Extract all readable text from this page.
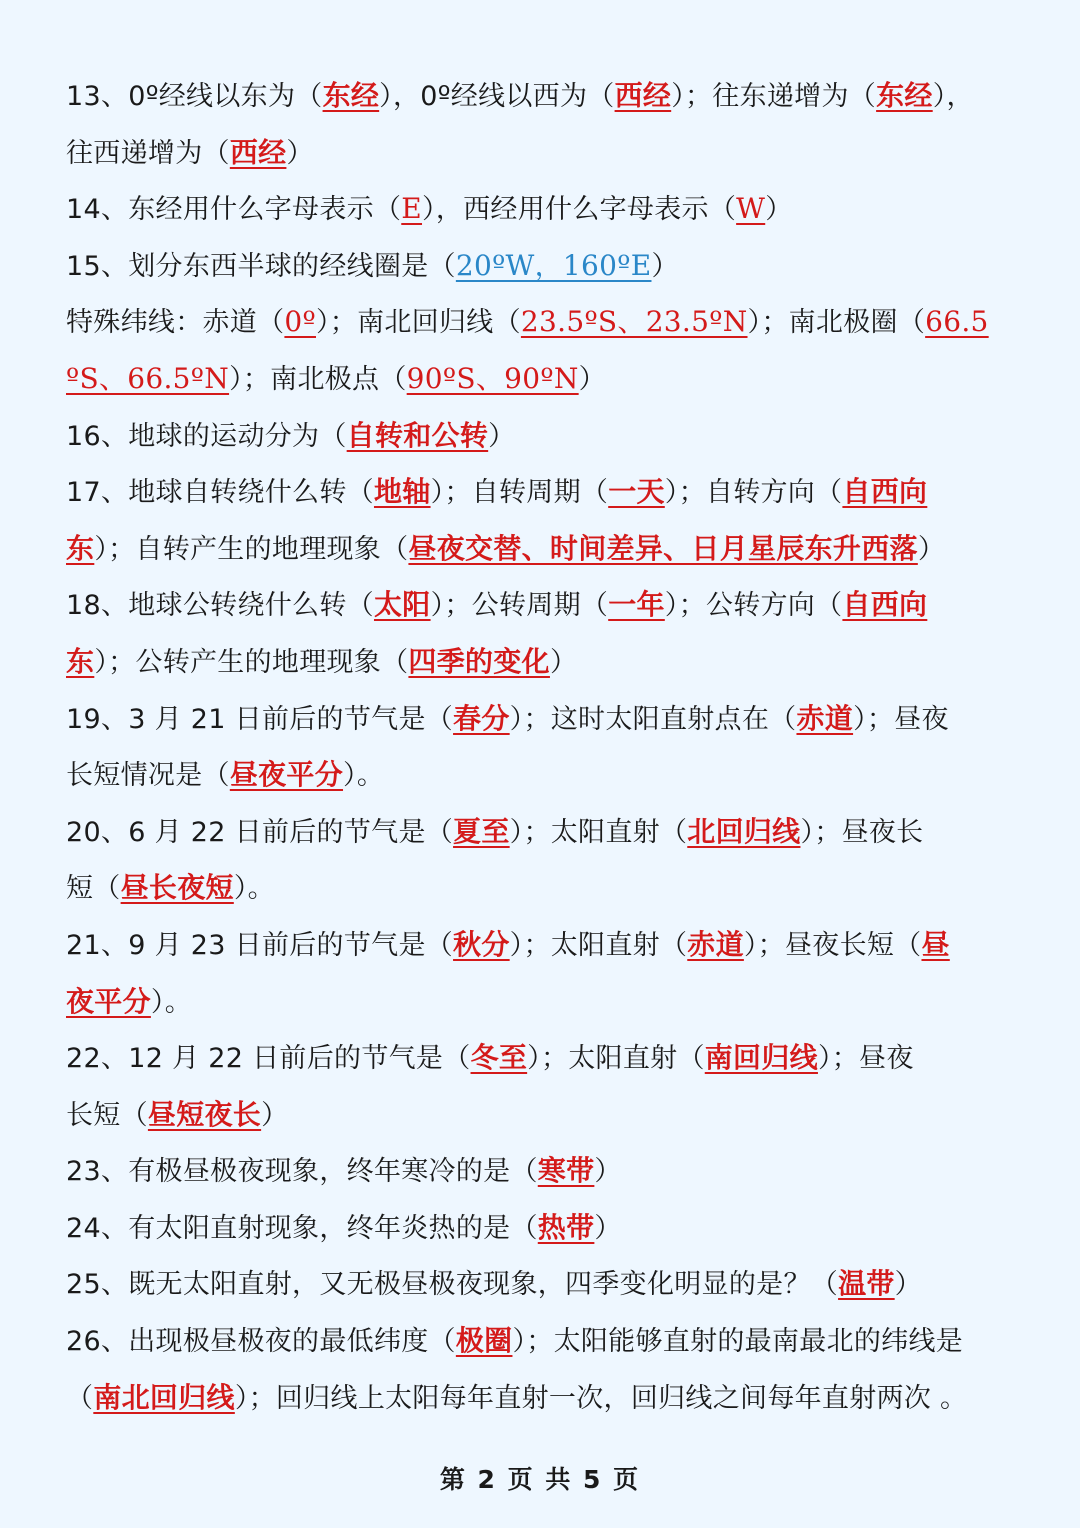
13、0º经线以东为（东经），0º经线以西为（西经）；往东递增为（东经），
往西递增为（西经）
14、东经用什么字母表示（E），西经用什么字母表示（W）
15、划分东西半球的经线圈是（20ºW，160ºE）
特殊纬线：赤道（0º）；南北回归线（23.5ºS、23.5ºN）；南北极圈（66.5
ºS、66.5ºN）；南北极点（90ºS、90ºN）
16、地球的运动分为（自转和公转）
17、地球自转绕什么转（地轴）；自转周期（一天）；自转方向（自西向
东）；自转产生的地理现象（昼夜交替、时间差异、日月星辰东升西落）
18、地球公转绕什么转（太阳）；公转周期（一年）；公转方向（自西向
东）；公转产生的地理现象（四季的变化）
19、3 月 21 日前后的节气是（春分）；这时太阳直射点在（赤道）；昼夜
长短情况是（昼夜平分）。
20、6 月 22 日前后的节气是（夏至）；太阳直射（北回归线）；昼夜长
短（昼长夜短）。
21、9 月 23 日前后的节气是（秋分）；太阳直射（赤道）；昼夜长短（昼
夜平分）。
22、12 月 22 日前后的节气是（冬至）；太阳直射（南回归线）；昼夜
长短（昼短夜长）
23、有极昼极夜现象，终年寒冷的是（寒带）
24、有太阳直射现象，终年炎热的是（热带）
25、既无太阳直射，又无极昼极夜现象，四季变化明显的是？（温带）
26、出现极昼极夜的最低纬度（极圈）；太阳能够直射的最南最北的纬线是
（南北回归线）；回归线上太阳每年直射一次，回归线之间每年直射两次 。
第 2 页 共 5 页
